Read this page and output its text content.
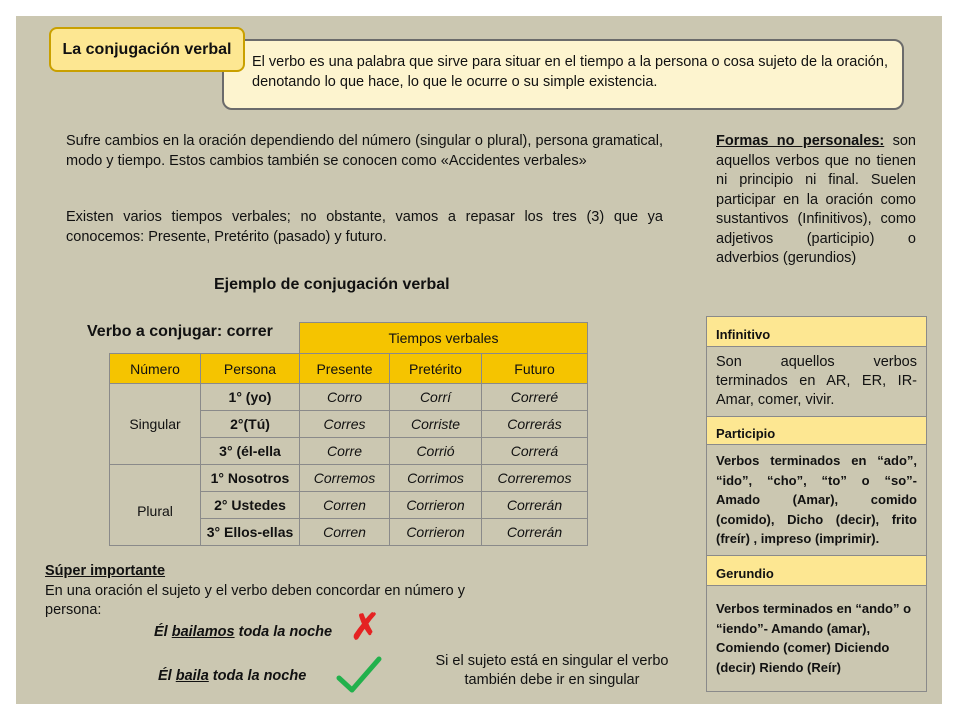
La conjugación verbal
El verbo es una palabra que sirve para situar en el tiempo a la persona o cosa sujeto de la oración, denotando lo que hace, lo que le ocurre o su simple existencia.
Sufre cambios en la oración dependiendo del número (singular o plural), persona gramatical, modo y tiempo. Estos cambios también se conocen como «Accidentes verbales»
Existen varios tiempos verbales; no obstante, vamos a repasar los tres (3) que ya conocemos: Presente, Pretérito (pasado) y futuro.
Formas no personales: son aquellos verbos que no tienen ni principio ni final. Suelen participar en la oración como sustantivos (Infinitivos), como adjetivos (participio) o adverbios (gerundios)
Ejemplo de conjugación verbal
Verbo a conjugar: correr
		Tiempos verbales		
Número	Persona	Presente	Pretérito	Futuro
Singular	1° (yo)	Corro	Corrí	Correré
	2°(Tú)	Corres	Corriste	Correrás
	3° (él-ella	Corre	Corrió	Correrá
Plural	1° Nosotros	Corremos	Corrimos	Correremos
	2° Ustedes	Corren	Corrieron	Correrán
	3° Ellos-ellas	Corren	Corrieron	Correrán
Súper importante
En una oración el sujeto y el verbo deben concordar en número y persona:
Él bailamos toda la noche ✗
Él baila toda la noche
Si el sujeto está en singular el verbo también debe ir en singular
Infinitivo
Son aquellos verbos terminados en AR, ER, IR- Amar, comer, vivir.
Participio
Verbos terminados en “ado”, “ido”, “cho”, “to” o “so”- Amado (Amar), comido (comido), Dicho (decir), frito (freír) , impreso (imprimir).
Gerundio
Verbos terminados en “ando” o “iendo”- Amando (amar), Comiendo (comer) Diciendo (decir) Riendo (Reír)
